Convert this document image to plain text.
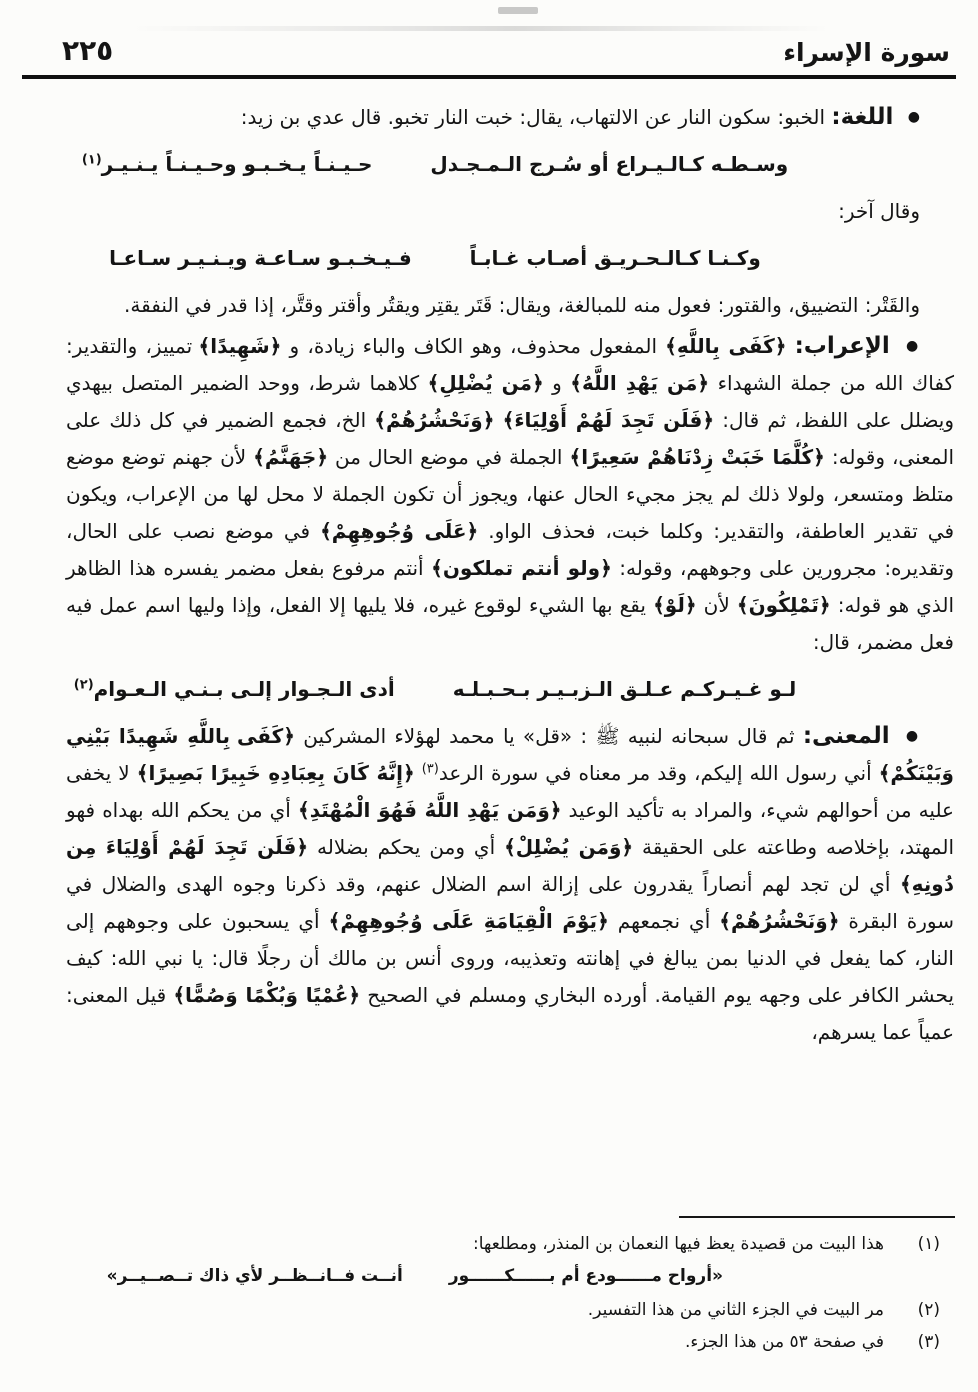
سورة الإسراء
٢٢٥

● اللغة: الخبو: سكون النار عن الالتهاب، يقال: خبت النار تخبو. قال عدي بن زيد:

وسـطـه كـالـيـراع أو سُـرج الـمـجـدل
حـيـنـاً يـخـبـو وحـيـنـاً يـنـيـر$^{(١)}$

وقال آخر:

وكـنـا كـالـحـريـق أصـاب غـابـاً
فـيـخـبـو سـاعـة ويـنـيـر سـاعـا

والقَتْر: التضييق، والقتور: فعول منه للمبالغة، ويقال: قَتَر يقتِر ويقتُر وأقتر وقتَّر، إذا قدر في النفقة.

● الإعراب: ﴿كَفَى بِاللَّهِ﴾ المفعول محذوف، وهو الكاف والباء زيادة، و ﴿شَهِيدًا﴾ تمييز، والتقدير: كفاك الله من جملة الشهداء ﴿مَن يَهْدِ اللَّهُ﴾ و ﴿مَن يُضْلِلِ﴾ كلاهما شرط، ووحد الضمير المتصل بيهدي ويضلل على اللفظ، ثم قال: ﴿فَلَن تَجِدَ لَهُمْ أَوْلِيَاءَ﴾ ﴿وَنَحْشُرُهُمْ﴾ الخ، فجمع الضمير في كل ذلك على المعنى، وقوله: ﴿كُلَّمَا خَبَتْ زِدْنَاهُمْ سَعِيرًا﴾ الجملة في موضع الحال من ﴿جَهَنَّمُ﴾ لأن جهنم توضع موضع متلظ ومتسعر، ولولا ذلك لم يجز مجيء الحال عنها، ويجوز أن تكون الجملة لا محل لها من الإعراب، ويكون في تقدير العاطفة، والتقدير: وكلما خبت، فحذف الواو. ﴿عَلَى وُجُوهِهِمْ﴾ في موضع نصب على الحال، وتقديره: مجرورين على وجوههم، وقوله: ﴿ولو أنتم تملكون﴾ أنتم مرفوع بفعل مضمر يفسره هذا الظاهر الذي هو قوله: ﴿تَمْلِكُونَ﴾ لأن ﴿لَوْ﴾ يقع بها الشيء لوقوع غيره، فلا يليها إلا الفعل، وإذا وليها اسم عمل فيه فعل مضمر، قال:

لـو غـيـركـم عـلـق الـزبـيـر بـحـبـلـه
أدى الـجـوار إلـى بـنـي الـعـوام$^{(٢)}$

● المعنى: ثم قال سبحانه لنبيه ﷺ : «قل» يا محمد لهؤلاء المشركين ﴿كَفَى بِاللَّهِ شَهِيدًا بَيْنِي وَبَيْنَكُمْ﴾ أني رسول الله إليكم، وقد مر معناه في سورة الرعد$^{(٣)}$ ﴿إِنَّهُ كَانَ بِعِبَادِهِ خَبِيرًا بَصِيرًا﴾ لا يخفى عليه من أحوالهم شيء، والمراد به تأكيد الوعيد ﴿وَمَن يَهْدِ اللَّهُ فَهُوَ الْمُهْتَدِ﴾ أي من يحكم الله بهداه فهو المهتد، بإخلاصه وطاعته على الحقيقة ﴿وَمَن يُضْلِلْ﴾ أي ومن يحكم بضلاله ﴿فَلَن تَجِدَ لَهُمْ أَوْلِيَاءَ مِن دُونِهِ﴾ أي لن تجد لهم أنصاراً يقدرون على إزالة اسم الضلال عنهم، وقد ذكرنا وجوه الهدى والضلال في سورة البقرة ﴿وَنَحْشُرُهُمْ﴾ أي نجمعهم ﴿يَوْمَ الْقِيَامَةِ عَلَى وُجُوهِهِمْ﴾ أي يسحبون على وجوههم إلى النار، كما يفعل في الدنيا بمن يبالغ في إهانته وتعذيبه، وروى أنس بن مالك أن رجلًا قال: يا نبي الله: كيف يحشر الكافر على وجهه يوم القيامة. أورده البخاري ومسلم في الصحيح ﴿عُمْيًا وَبُكْمًا وَصُمًّا﴾ قيل المعنى: عمياً عما يسرهم،

(١)
هذا البيت من قصيدة يعظ فيها النعمان بن المنذر، ومطلعها:
«أرواح مــــــودع أم بــــــكــــــور
أنــت فــانــظــر لأي ذاك تــصــيــر»
(٢)
مر البيت في الجزء الثاني من هذا التفسير.
(٣)
في صفحة ٥٣ من هذا الجزء.
